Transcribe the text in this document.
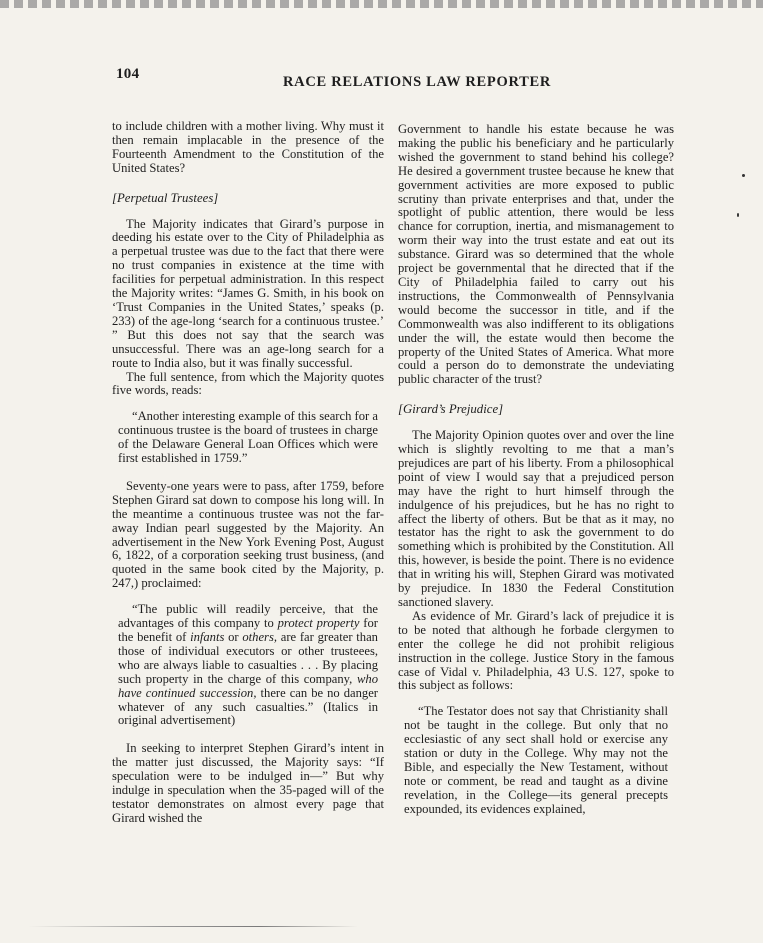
104	RACE RELATIONS LAW REPORTER

to include children with a mother living. Why must it then remain implacable in the presence of the Fourteenth Amendment to the Constitution of the United States?

[Perpetual Trustees]

The Majority indicates that Girard’s purpose in deeding his estate over to the City of Philadelphia as a perpetual trustee was due to the fact that there were no trust companies in existence at the time with facilities for perpetual administration. In this respect the Majority writes: “James G. Smith, in his book on ‘Trust Companies in the United States,’ speaks (p. 233) of the age-long ‘search for a continuous trustee.’ ” But this does not say that the search was unsuccessful. There was an age-long search for a route to India also, but it was finally successful.

The full sentence, from which the Majority quotes five words, reads:

“Another interesting example of this search for a continuous trustee is the board of trustees in charge of the Delaware General Loan Offices which were first established in 1759.”

Seventy-one years were to pass, after 1759, before Stephen Girard sat down to compose his long will. In the meantime a continuous trustee was not the far-away Indian pearl suggested by the Majority. An advertisement in the New York Evening Post, August 6, 1822, of a corporation seeking trust business, (and quoted in the same book cited by the Majority, p. 247,) proclaimed:

“The public will readily perceive, that the advantages of this company to protect property for the benefit of infants or others, are far greater than those of individual executors or other trusteees, who are always liable to casualties . . . By placing such property in the charge of this company, who have continued succession, there can be no danger whatever of any such casualties.” (Italics in original advertisement)

In seeking to interpret Stephen Girard’s intent in the matter just discussed, the Majority says: “If speculation were to be indulged in—” But why indulge in speculation when the 35-paged will of the testator demonstrates on almost every page that Girard wished the

Government to handle his estate because he was making the public his beneficiary and he particularly wished the government to stand behind his college? He desired a government trustee because he knew that government activities are more exposed to public scrutiny than private enterprises and that, under the spotlight of public attention, there would be less chance for corruption, inertia, and mismanagement to worm their way into the trust estate and eat out its substance. Girard was so determined that the whole project be governmental that he directed that if the City of Philadelphia failed to carry out his instructions, the Commonwealth of Pennsylvania would become the successor in title, and if the Commonwealth was also indifferent to its obligations under the will, the estate would then become the property of the United States of America. What more could a person do to demonstrate the undeviating public character of the trust?

[Girard’s Prejudice]

The Majority Opinion quotes over and over the line which is slightly revolting to me that a man’s prejudices are part of his liberty. From a philosophical point of view I would say that a prejudiced person may have the right to hurt himself through the indulgence of his prejudices, but he has no right to affect the liberty of others. But be that as it may, no testator has the right to ask the government to do something which is prohibited by the Constitution. All this, however, is beside the point. There is no evidence that in writing his will, Stephen Girard was motivated by prejudice. In 1830 the Federal Constitution sanctioned slavery.

As evidence of Mr. Girard’s lack of prejudice it is to be noted that although he forbade clergymen to enter the college he did not prohibit religious instruction in the college. Justice Story in the famous case of Vidal v. Philadelphia, 43 U.S. 127, spoke to this subject as follows:

“The Testator does not say that Christianity shall not be taught in the college. But only that no ecclesiastic of any sect shall hold or exercise any station or duty in the College. Why may not the Bible, and especially the New Testament, without note or comment, be read and taught as a divine revelation, in the College—its general precepts expounded, its evidences explained,
